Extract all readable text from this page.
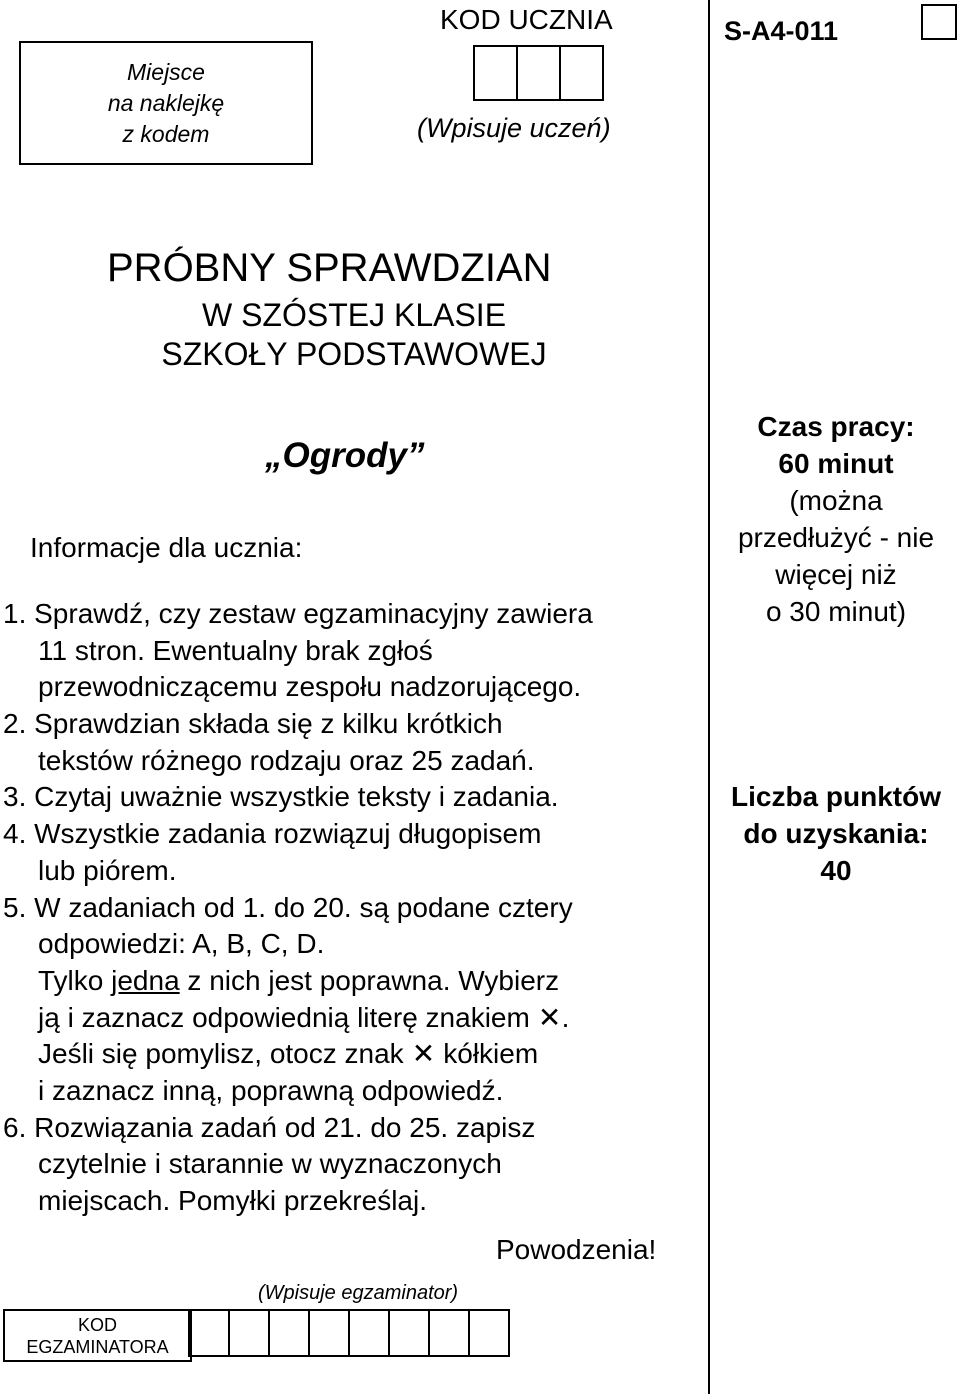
Miejsce
na naklejkę
z kodem
KOD UCZNIA
(Wpisuje uczeń)
S-A4-011
PRÓBNY SPRAWDZIAN
W SZÓSTEJ KLASIE
SZKOŁY PODSTAWOWEJ
„Ogrody”
Informacje dla ucznia:
1. Sprawdź, czy zestaw egzaminacyjny zawiera
11 stron. Ewentualny brak zgłoś
przewodniczącemu zespołu nadzorującego.
2. Sprawdzian składa się z kilku krótkich
tekstów różnego rodzaju oraz 25 zadań.
3. Czytaj uważnie wszystkie teksty i zadania.
4. Wszystkie zadania rozwiązuj długopisem
lub piórem.
5. W zadaniach od 1. do 20. są podane cztery
odpowiedzi: A, B, C, D.
Tylko jedna z nich jest poprawna. Wybierz
ją i zaznacz odpowiednią literę znakiem ✕.
Jeśli się pomylisz, otocz znak ✕ kółkiem
i zaznacz inną, poprawną odpowiedź.
6. Rozwiązania zadań od 21. do 25. zapisz
czytelnie i starannie w wyznaczonych
miejscach. Pomyłki przekreślaj.
Powodzenia!
(Wpisuje egzaminator)
KOD
EGZAMINATORA
Czas pracy:
60 minut
(można
przedłużyć - nie
więcej niż
o 30 minut)
Liczba punktów
do uzyskania:
40
